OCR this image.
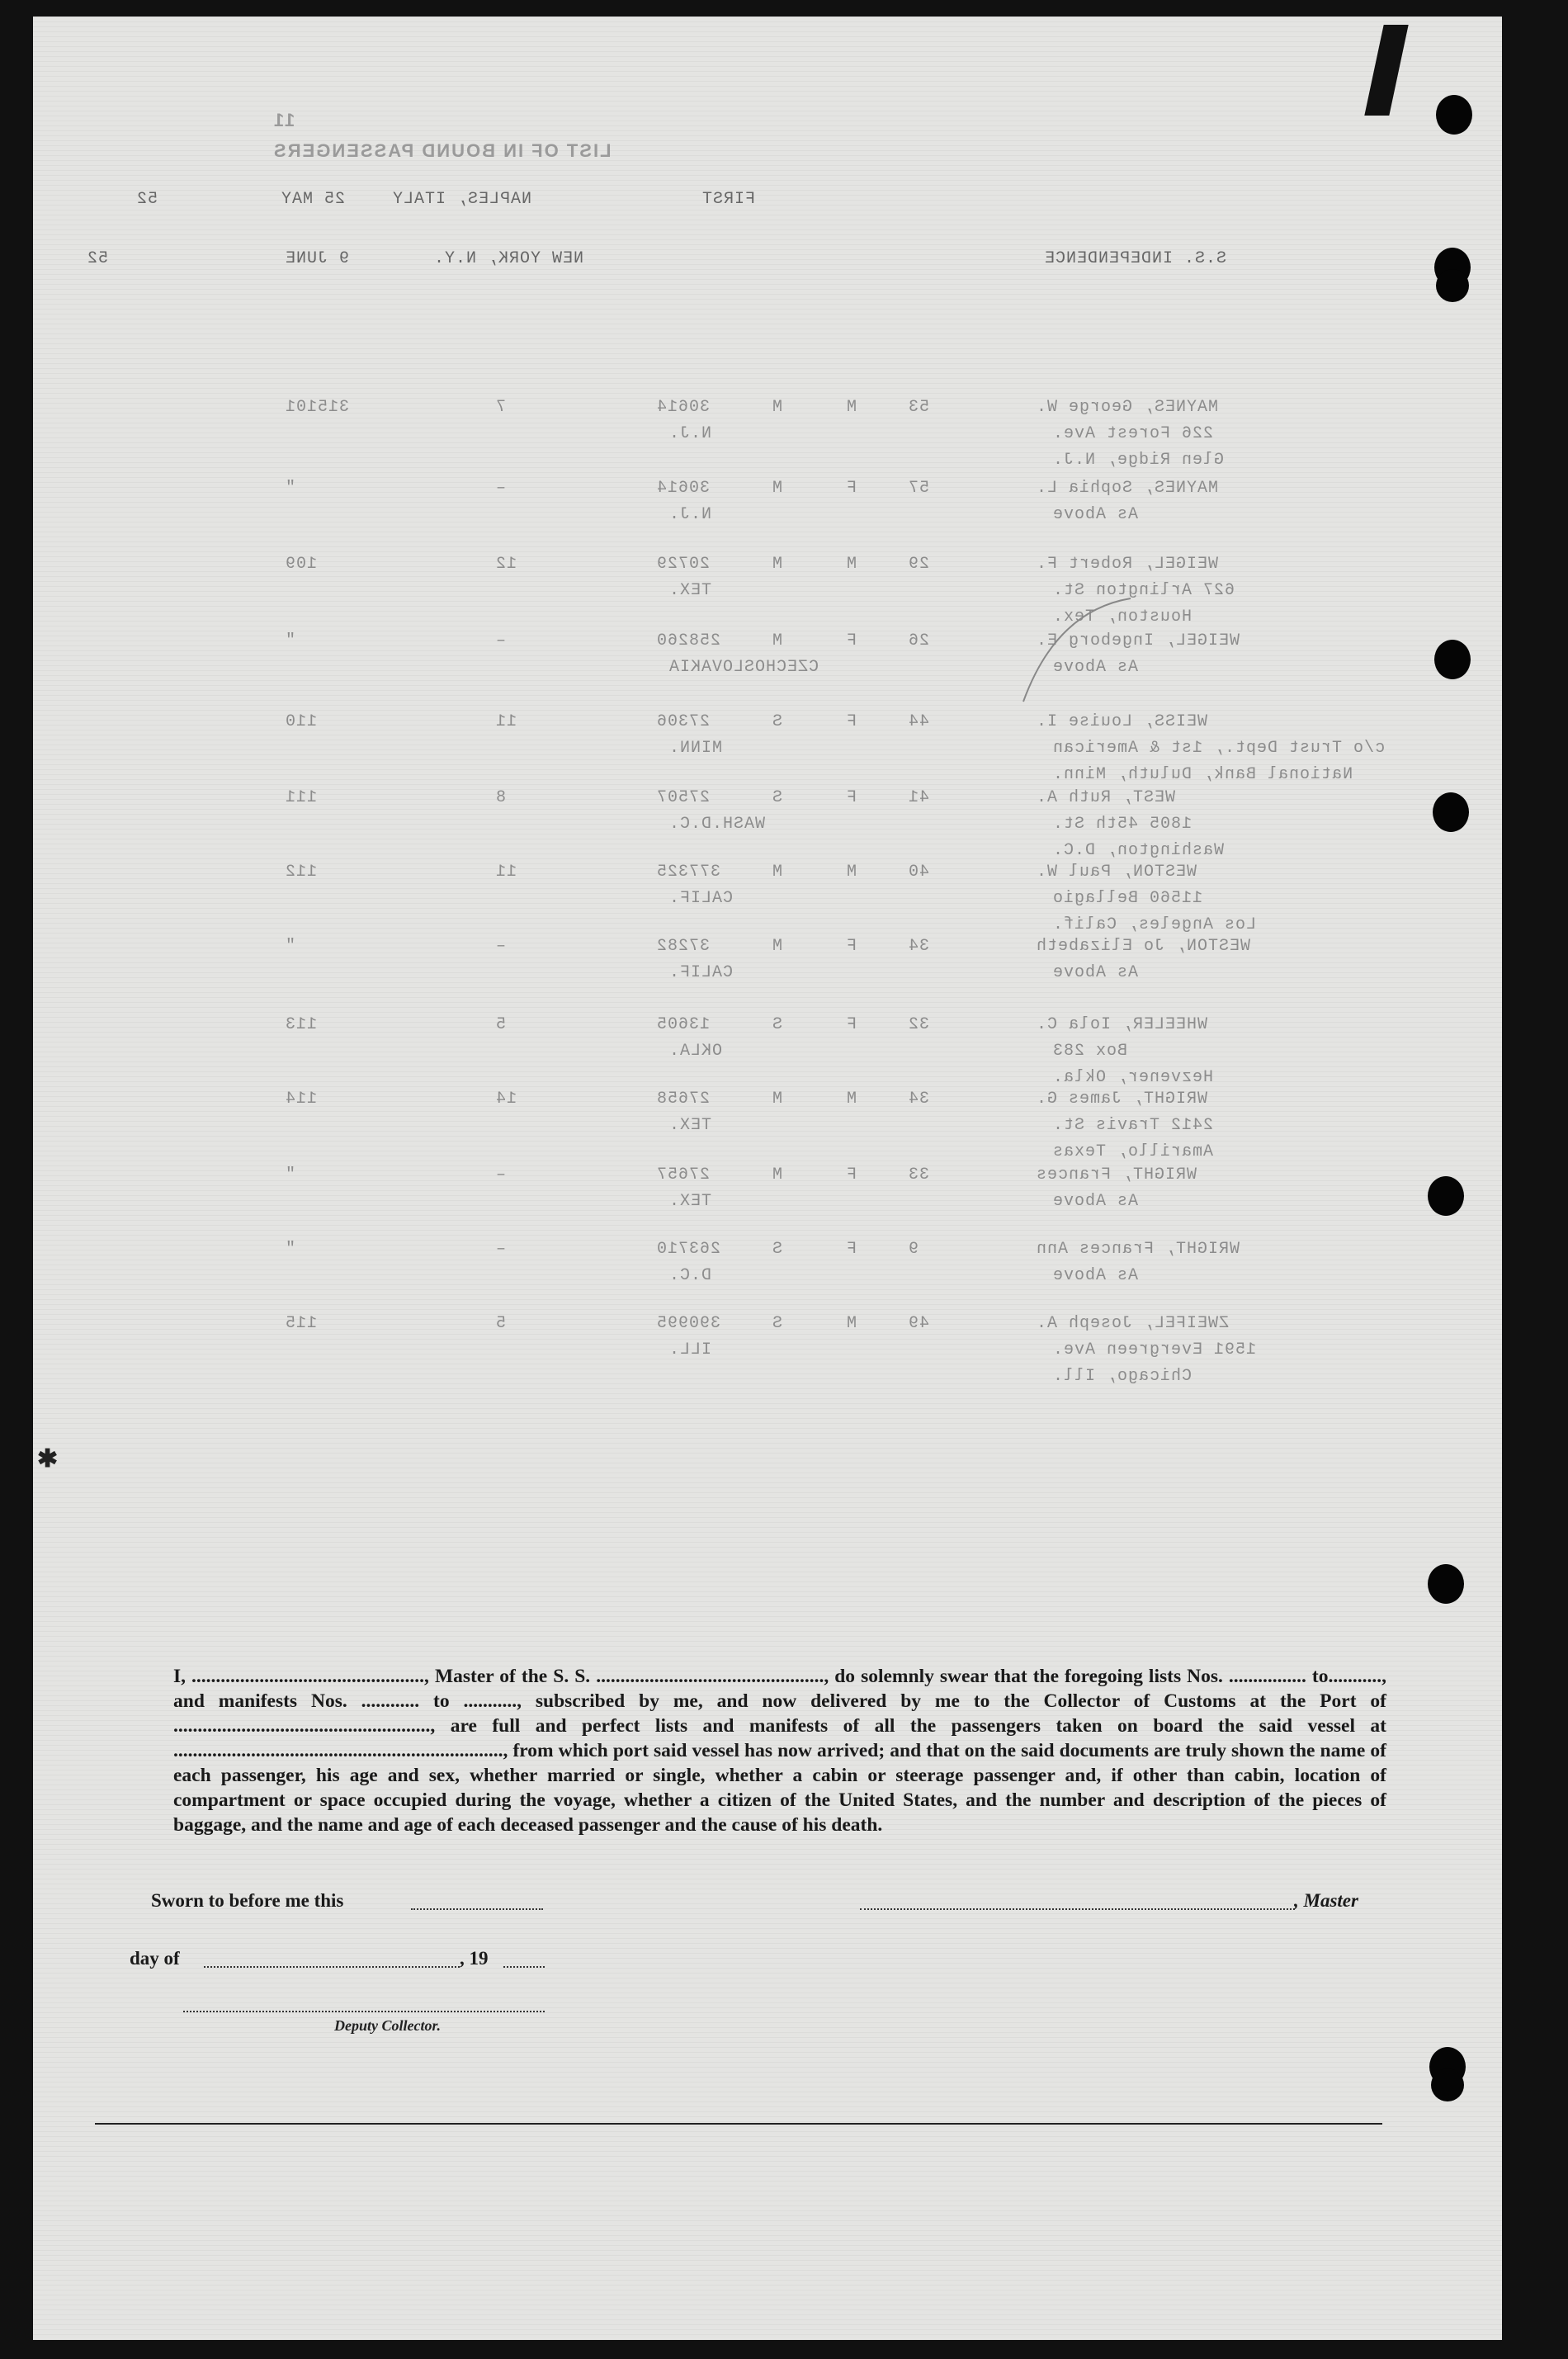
11
LIST OF IN BOUND PASSENGERS
FIRST
NAPLES, ITALY
25 MAY
52
S.S. INDEPENDENCE
NEW YORK, N.Y.
9 JUNE
52
MAYNES, George W.
226 Forest Ave.
Glen Ridge, N.J.
53
M
M
30614
N.J.
7
315101
MAYNES, Sophia L.
As Above
57
F
M
30614
N.J.
–
"
WEIGEL, Robert F.
627 Arlington St.
Houston, Tex.
29
M
M
20729
TEX.
12
109
WEIGEL, Ingeborg E.
As Above
26
F
M
258260
CZECHOSLOVAKIA
–
"
WEISS, Louise I.
c/o Trust Dept., 1st & American
National Bank, Duluth, Minn.
44
F
S
27306
MINN.
11
110
WEST, Ruth A.
1805 45th St.
Washington, D.C.
41
F
S
27507
WASH.D.C.
8
111
WESTON, Paul W.
11560 Bellagio
Los Angeles, Calif.
40
M
M
377325
CALIF.
11
112
WESTON, Jo Elizabeth
As Above
34
F
M
37282
CALIF.
–
"
WHEELER, Iola C.
Box 283
Hezvener, Okla.
32
F
S
13605
OKLA.
5
113
WRIGHT, James G.
2412 Travis St.
Amarillo, Texas
34
M
M
27658
TEX.
14
114
WRIGHT, Frances
As Above
33
F
M
27657
TEX.
–
"
WRIGHT, Frances Ann
As Above
9
F
S
263710
D.C.
–
"
ZWEIFEL, Joseph A.
1591 Evergreen Ave.
Chicago, Ill.
49
M
S
390995
ILL.
5
115
✱

I, ................................................, Master of the S. S. ..............................................., do solemnly swear that the foregoing lists Nos. ................ to..........., and manifests Nos. ............ to ..........., subscribed by me, and now delivered by me to the Collector of Customs at the Port of ....................................................., are full and perfect lists and manifests of all the passengers taken on board the said vessel at ...................................................................., from which port said vessel has now arrived; and that on the said documents are truly shown the name of each passenger, his age and sex, whether married or single, whether a cabin or steerage passenger and, if other than cabin, location of compartment or space occupied during the voyage, whether a citizen of the United States, and the number and description of the pieces of baggage, and the name and age of each deceased passenger and the cause of his death.

Sworn to before me this	, Master
day of	, 19
Deputy Collector.
